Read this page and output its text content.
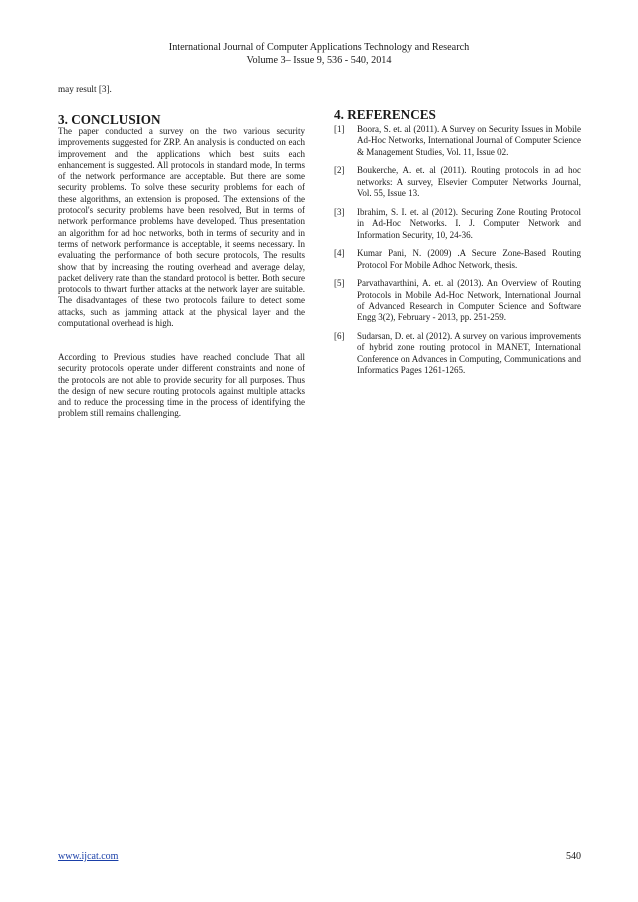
International Journal of Computer Applications Technology and Research
Volume 3– Issue 9, 536 - 540, 2014
may result [3].
3. CONCLUSION

The paper conducted a survey on the two various security improvements suggested for ZRP. An analysis is conducted on each improvement and the applications which best suits each enhancement is suggested. All protocols in standard mode, In terms of the network performance are acceptable. But there are some security problems. To solve these security problems for each of these algorithms, an extension is proposed. The extensions of the protocol's security problems have been resolved, But in terms of network performance problems have developed. Thus presentation an algorithm for ad hoc networks, both in terms of security and in terms of network performance is acceptable, it seems necessary. In evaluating the performance of both secure protocols, The results show that by increasing the routing overhead and average delay, packet delivery rate than the standard protocol is better. Both secure protocols to thwart further attacks at the network layer are suitable. The disadvantages of these two protocols failure to detect some attacks, such as jamming attack at the physical layer and the computational overhead is high.

According to Previous studies have reached conclude That all security protocols operate under different constraints and none of the protocols are not able to provide security for all purposes. Thus the design of new secure routing protocols against multiple attacks and to reduce the processing time in the process of identifying the problem still remains challenging.

4. REFERENCES
[1]	Boora, S. et. al (2011). A Survey on Security Issues in Mobile Ad-Hoc Networks, International Journal of Computer Science & Management Studies, Vol. 11, Issue 02.
[2]	Boukerche, A. et. al (2011). Routing protocols in ad hoc networks: A survey, Elsevier Computer Networks Journal, Vol. 55, Issue 13.
[3]	Ibrahim, S. I. et. al (2012). Securing Zone Routing Protocol in Ad-Hoc Networks. I. J. Computer Network and Information Security, 10, 24-36.
[4]	Kumar Pani, N. (2009) .A Secure Zone-Based Routing Protocol For Mobile Adhoc Network, thesis.
[5]	Parvathavarthini, A. et. al (2013). An Overview of Routing Protocols in Mobile Ad-Hoc Network, International Journal of Advanced Research in Computer Science and Software Engg 3(2), February - 2013, pp. 251-259.
[6]	Sudarsan, D. et. al (2012). A survey on various improvements of hybrid zone routing protocol in MANET, International Conference on Advances in Computing, Communications and Informatics Pages 1261-1265.
www.ijcat.com	540
